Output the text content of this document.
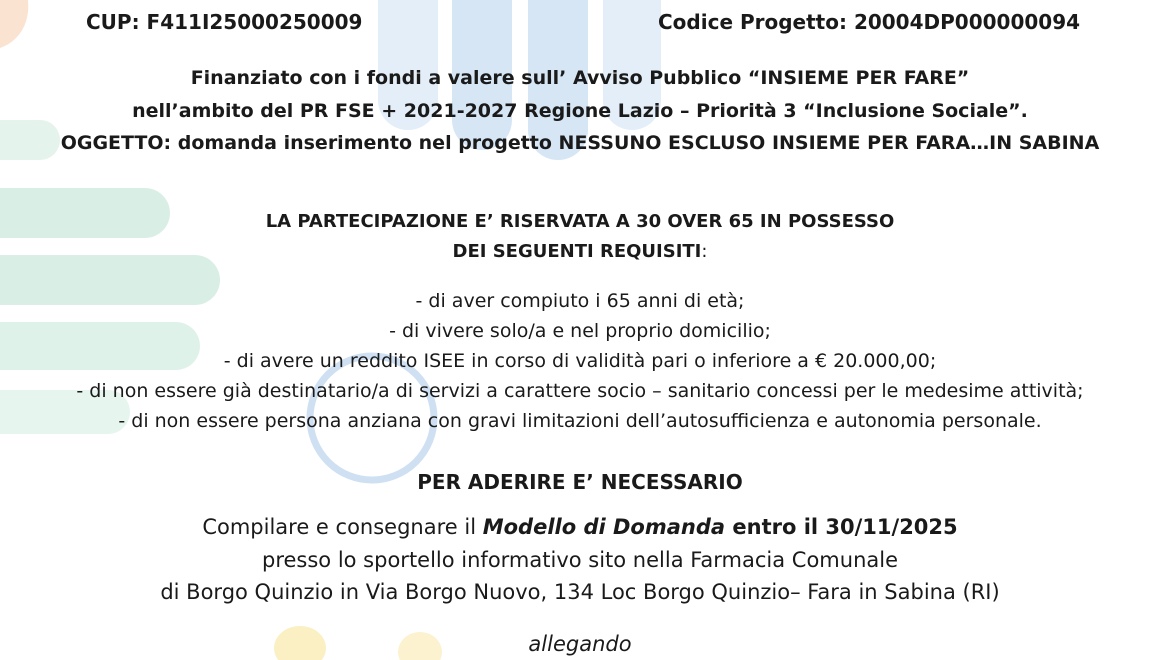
CUP: F411I25000250009	Codice Progetto: 20004DP000000094
Finanziato con i fondi a valere sull’ Avviso Pubblico “INSIEME PER FARE”
nell’ambito del PR FSE + 2021-2027 Regione Lazio – Priorità 3 “Inclusione Sociale”.
OGGETTO: domanda inserimento nel progetto NESSUNO ESCLUSO INSIEME PER FARA…IN SABINA
LA PARTECIPAZIONE E’ RISERVATA A 30 OVER 65 IN POSSESSO
DEI SEGUENTI REQUISITI:
- di aver compiuto i 65 anni di età;
- di vivere solo/a e nel proprio domicilio;
- di avere un reddito ISEE in corso di validità pari o inferiore a € 20.000,00;
- di non essere già destinatario/a di servizi a carattere socio – sanitario concessi per le medesime attività;
- di non essere persona anziana con gravi limitazioni dell’autosufficienza e autonomia personale.
PER ADERIRE E’ NECESSARIO
Compilare e consegnare il Modello di Domanda entro il 30/11/2025
presso lo sportello informativo sito nella Farmacia Comunale
di Borgo Quinzio in Via Borgo Nuovo, 134 Loc Borgo Quinzio– Fara in Sabina (RI)
allegando
